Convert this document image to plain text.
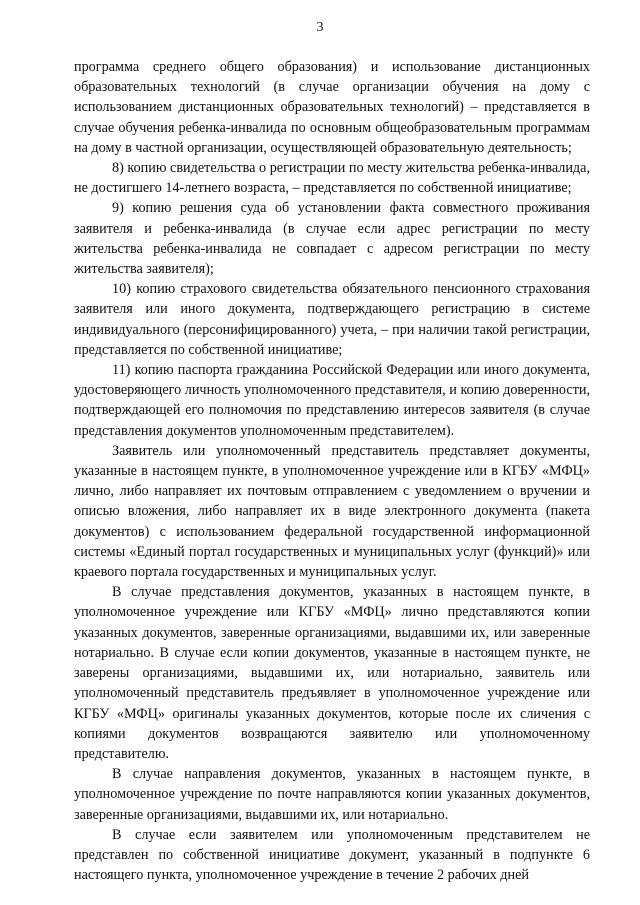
3

программа среднего общего образования) и использование дистанционных образовательных технологий (в случае организации обучения на дому с использованием дистанционных образовательных технологий) – представляется в случае обучения ребенка-инвалида по основным общеобразовательным программам на дому в частной организации, осуществляющей образовательную деятельность;

8) копию свидетельства о регистрации по месту жительства ребенка-инвалида, не достигшего 14-летнего возраста, – представляется по собственной инициативе;

9) копию решения суда об установлении факта совместного проживания заявителя и ребенка-инвалида (в случае если адрес регистрации по месту жительства ребенка-инвалида не совпадает с адресом регистрации по месту жительства заявителя);

10) копию страхового свидетельства обязательного пенсионного страхования заявителя или иного документа, подтверждающего регистрацию в системе индивидуального (персонифицированного) учета, – при наличии такой регистрации, представляется по собственной инициативе;

11) копию паспорта гражданина Российской Федерации или иного документа, удостоверяющего личность уполномоченного представителя, и копию доверенности, подтверждающей его полномочия по представлению интересов заявителя (в случае представления документов уполномоченным представителем).

Заявитель или уполномоченный представитель представляет документы, указанные в настоящем пункте, в уполномоченное учреждение или в КГБУ «МФЦ» лично, либо направляет их почтовым отправлением с уведомлением о вручении и описью вложения, либо направляет их в виде электронного документа (пакета документов) с использованием федеральной государственной информационной системы «Единый портал государственных и муниципальных услуг (функций)» или краевого портала государственных и муниципальных услуг.

В случае представления документов, указанных в настоящем пункте, в уполномоченное учреждение или КГБУ «МФЦ» лично представляются копии указанных документов, заверенные организациями, выдавшими их, или заверенные нотариально. В случае если копии документов, указанные в настоящем пункте, не заверены организациями, выдавшими их, или нотариально, заявитель или уполномоченный представитель предъявляет в уполномоченное учреждение или КГБУ «МФЦ» оригиналы указанных документов, которые после их сличения с копиями документов возвращаются заявителю или уполномоченному представителю.

В случае направления документов, указанных в настоящем пункте, в уполномоченное учреждение по почте направляются копии указанных документов, заверенные организациями, выдавшими их, или нотариально.

В случае если заявителем или уполномоченным представителем не представлен по собственной инициативе документ, указанный в подпункте 6 настоящего пункта, уполномоченное учреждение в течение 2 рабочих дней
